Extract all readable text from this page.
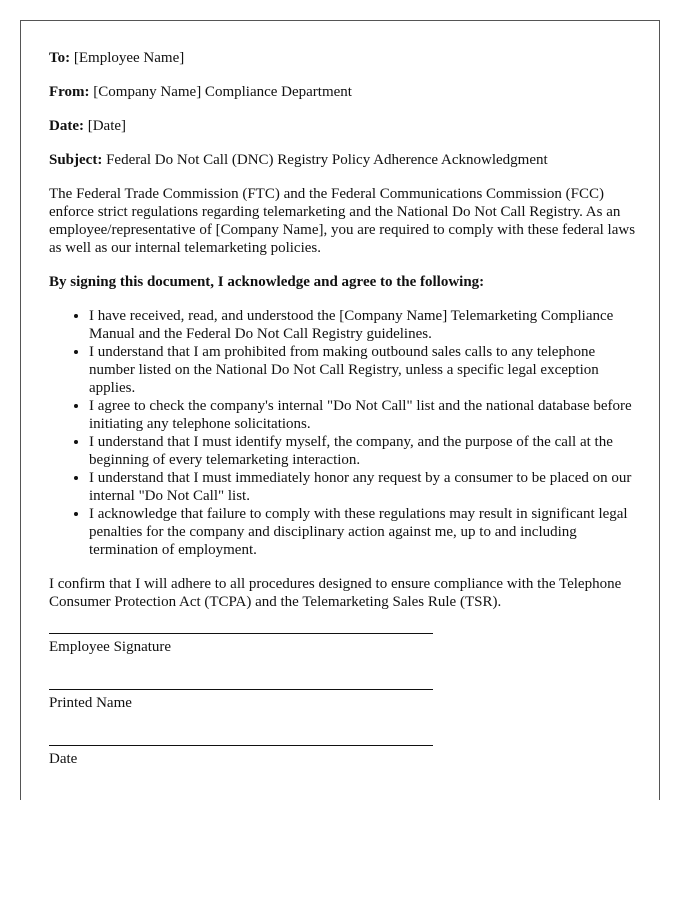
To: [Employee Name]

From: [Company Name] Compliance Department

Date: [Date]

Subject: Federal Do Not Call (DNC) Registry Policy Adherence Acknowledgment

The Federal Trade Commission (FTC) and the Federal Communications Commission (FCC) enforce strict regulations regarding telemarketing and the National Do Not Call Registry. As an employee/representative of [Company Name], you are required to comply with these federal laws as well as our internal telemarketing policies.

By signing this document, I acknowledge and agree to the following:

• I have received, read, and understood the [Company Name] Telemarketing Compliance Manual and the Federal Do Not Call Registry guidelines.
• I understand that I am prohibited from making outbound sales calls to any telephone number listed on the National Do Not Call Registry, unless a specific legal exception applies.
• I agree to check the company's internal "Do Not Call" list and the national database before initiating any telephone solicitations.
• I understand that I must identify myself, the company, and the purpose of the call at the beginning of every telemarketing interaction.
• I understand that I must immediately honor any request by a consumer to be placed on our internal "Do Not Call" list.
• I acknowledge that failure to comply with these regulations may result in significant legal penalties for the company and disciplinary action against me, up to and including termination of employment.

I confirm that I will adhere to all procedures designed to ensure compliance with the Telephone Consumer Protection Act (TCPA) and the Telemarketing Sales Rule (TSR).

Employee Signature
Printed Name
Date
